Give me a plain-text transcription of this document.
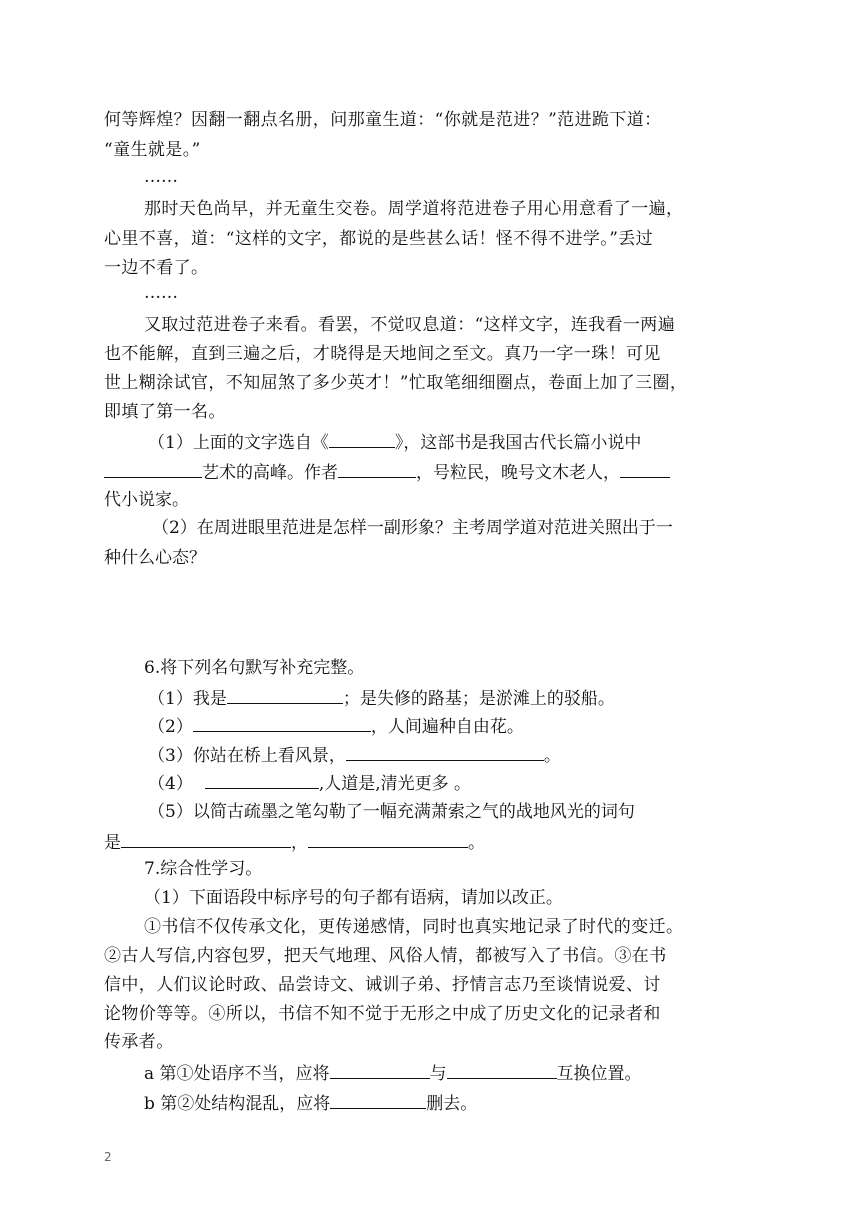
何等辉煌？因翻一翻点名册，问那童生道：“你就是范进？”范进跪下道：
“童生就是。”
……
那时天色尚早，并无童生交卷。周学道将范进卷子用心用意看了一遍，
心里不喜，道：“这样的文字，都说的是些甚么话！怪不得不进学。”丢过
一边不看了。
……
又取过范进卷子来看。看罢，不觉叹息道：“这样文字，连我看一两遍
也不能解，直到三遍之后，才晓得是天地间之至文。真乃一字一珠！可见
世上糊涂试官，不知屈煞了多少英才！”忙取笔细细圈点，卷面上加了三圈，
即填了第一名。
（1）上面的文字选自《	》，这部书是我国古代长篇小说中
艺术的高峰。作者	，号粒民，晚号文木老人，
代小说家。
（2）在周进眼里范进是怎样一副形象？主考周学道对范进关照出于一
种什么心态？
6.将下列名句默写补充完整。
（1）我是	；是失修的路基；是淤滩上的驳船。
（2）	，人间遍种自由花。
（3）你站在桥上看风景，	。
（4）	,人道是,清光更多 。
（5）以简古疏墨之笔勾勒了一幅充满萧索之气的战地风光的词句
是	，	。
7.综合性学习。
（1）下面语段中标序号的句子都有语病，请加以改正。
①书信不仅传承文化，更传递感情，同时也真实地记录了时代的变迁。
②古人写信,内容包罗，把天气地理、风俗人情，都被写入了书信。③在书
信中，人们议论时政、品尝诗文、诫训子弟、抒情言志乃至谈情说爱、讨
论物价等等。④所以，书信不知不觉于无形之中成了历史文化的记录者和
传承者。
a 第①处语序不当，应将	与	互换位置。
b 第②处结构混乱，应将	删去。
2
